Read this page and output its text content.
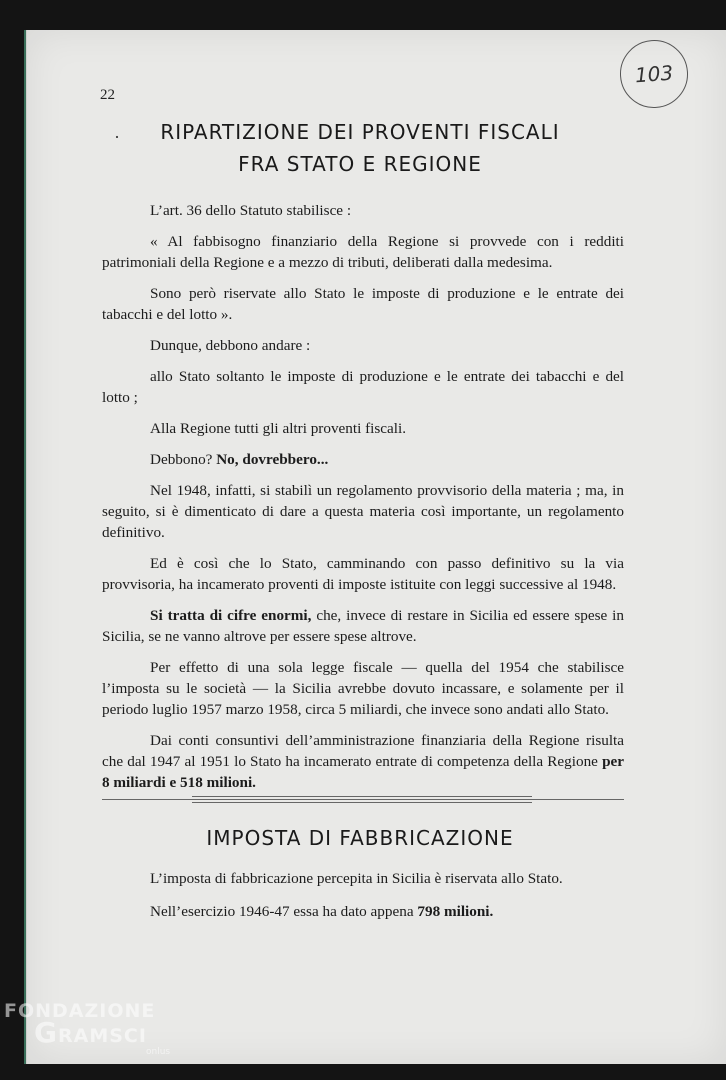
103
22
·	RIPARTIZIONE DEI PROVENTI FISCALI
FRA STATO E REGIONE

L’art. 36 dello Statuto stabilisce :

« Al fabbisogno finanziario della Regione si provvede con i redditi patrimoniali della Regione e a mezzo di tributi, deliberati dalla medesima.

Sono però riservate allo Stato le imposte di produzione e le entrate dei tabacchi e del lotto ».

Dunque, debbono andare :

allo Stato soltanto le imposte di produzione e le entrate dei tabacchi e del lotto ;

Alla Regione tutti gli altri proventi fiscali.

Debbono? No, dovrebbero...

Nel 1948, infatti, si stabilì un regolamento provvisorio della materia ; ma, in seguito, si è dimenticato di dare a questa materia così importante, un regolamento definitivo.

Ed è così che lo Stato, camminando con passo definitivo su la via provvisoria, ha incamerato proventi di imposte istituite con leggi successive al 1948.

Si tratta di cifre enormi, che, invece di restare in Sicilia ed essere spese in Sicilia, se ne vanno altrove per essere spese altrove.

Per effetto di una sola legge fiscale — quella del 1954 che stabilisce l’imposta su le società — la Sicilia avrebbe dovuto incassare, e solamente per il periodo luglio 1957 marzo 1958, circa 5 miliardi, che invece sono andati allo Stato.

Dai conti consuntivi dell’amministrazione finanziaria della Regione risulta che dal 1947 al 1951 lo Stato ha incamerato entrate di competenza della Regione per 8 miliardi e 518 milioni.

IMPOSTA DI FABBRICAZIONE

L’imposta di fabbricazione percepita in Sicilia è riservata allo Stato.

Nell’esercizio 1946-47 essa ha dato appena 798 milioni.

FONDAZIONE
GRAMSCI
onlus
